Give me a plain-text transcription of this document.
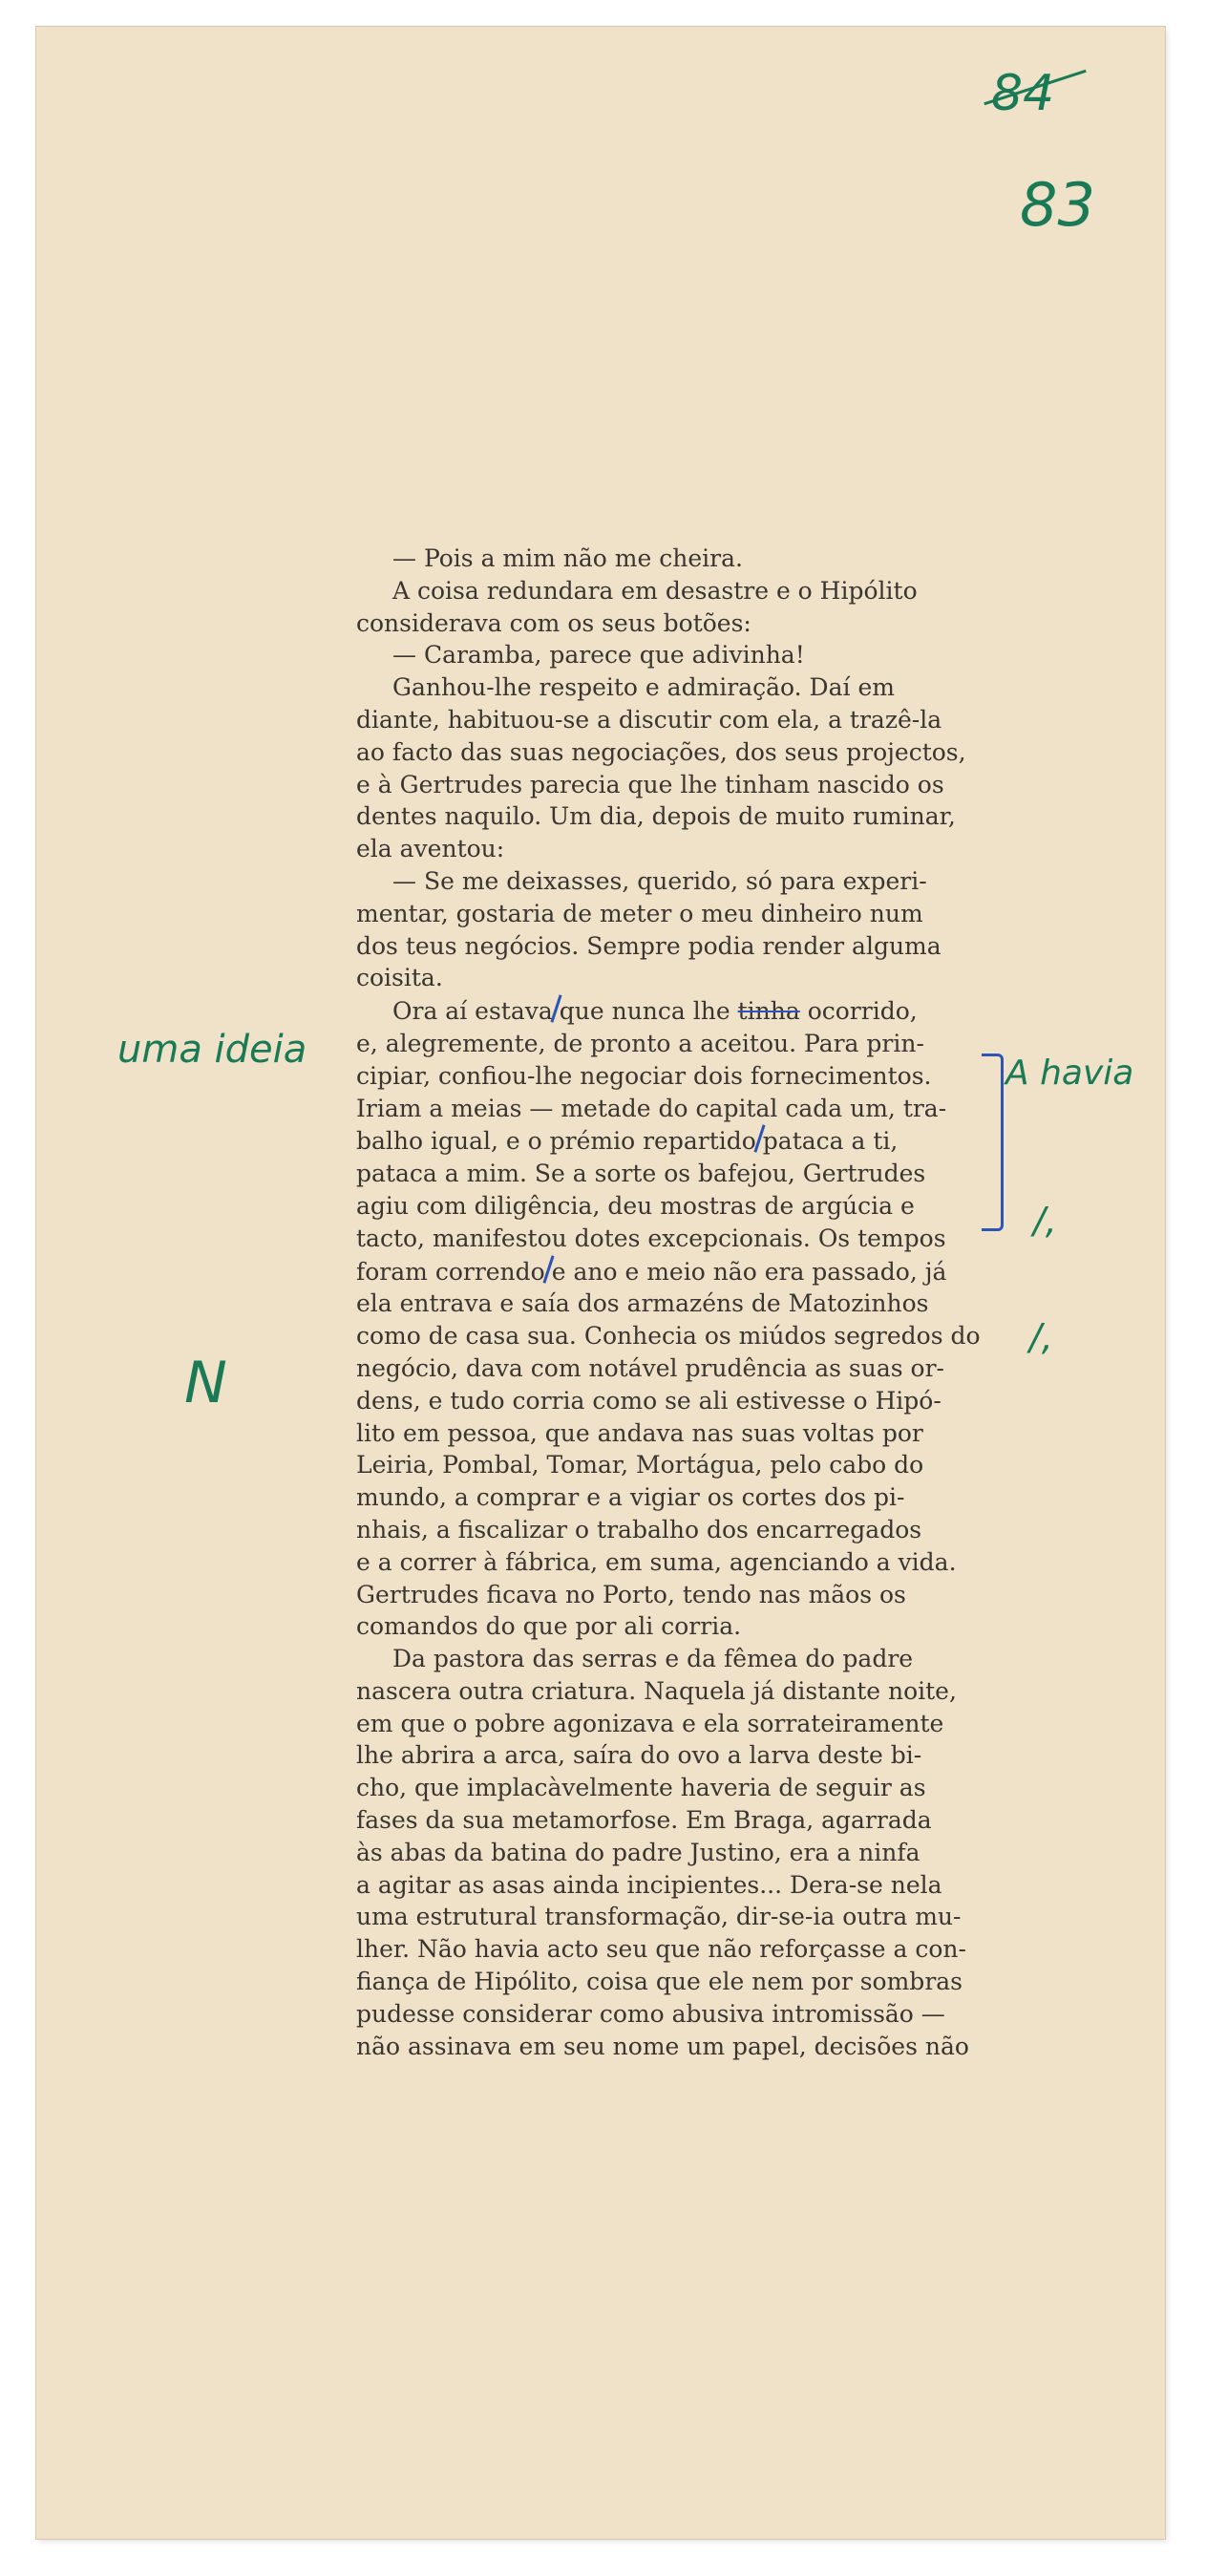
84
83
uma ideia
A havia
/,
/,
N
— Pois a mim não me cheira.
A coisa redundara em desastre e o Hipólito
considerava com os seus botões:
— Caramba, parece que adivinha!
Ganhou-lhe respeito e admiração. Daí em
diante, habituou-se a discutir com ela, a trazê-la
ao facto das suas negociações, dos seus projectos,
e à Gertrudes parecia que lhe tinham nascido os
dentes naquilo. Um dia, depois de muito ruminar,
ela aventou:
— Se me deixasses, querido, só para experi-
mentar, gostaria de meter o meu dinheiro num
dos teus negócios. Sempre podia render alguma
coisita.
Ora aí estava que nunca lhe tinha ocorrido,
e, alegremente, de pronto a aceitou. Para prin-
cipiar, confiou-lhe negociar dois fornecimentos.
Iriam a meias — metade do capital cada um, tra-
balho igual, e o prémio repartido pataca a ti,
pataca a mim. Se a sorte os bafejou, Gertrudes
agiu com diligência, deu mostras de argúcia e
tacto, manifestou dotes excepcionais. Os tempos
foram correndo e ano e meio não era passado, já
ela entrava e saía dos armazéns de Matozinhos
como de casa sua. Conhecia os miúdos segredos do
negócio, dava com notável prudência as suas or-
dens, e tudo corria como se ali estivesse o Hipó-
lito em pessoa, que andava nas suas voltas por
Leiria, Pombal, Tomar, Mortágua, pelo cabo do
mundo, a comprar e a vigiar os cortes dos pi-
nhais, a fiscalizar o trabalho dos encarregados
e a correr à fábrica, em suma, agenciando a vida.
Gertrudes ficava no Porto, tendo nas mãos os
comandos do que por ali corria.
Da pastora das serras e da fêmea do padre
nascera outra criatura. Naquela já distante noite,
em que o pobre agonizava e ela sorrateiramente
lhe abrira a arca, saíra do ovo a larva deste bi-
cho, que implacàvelmente haveria de seguir as
fases da sua metamorfose. Em Braga, agarrada
às abas da batina do padre Justino, era a ninfa
a agitar as asas ainda incipientes... Dera-se nela
uma estrutural transformação, dir-se-ia outra mu-
lher. Não havia acto seu que não reforçasse a con-
fiança de Hipólito, coisa que ele nem por sombras
pudesse considerar como abusiva intromissão —
não assinava em seu nome um papel, decisões não
